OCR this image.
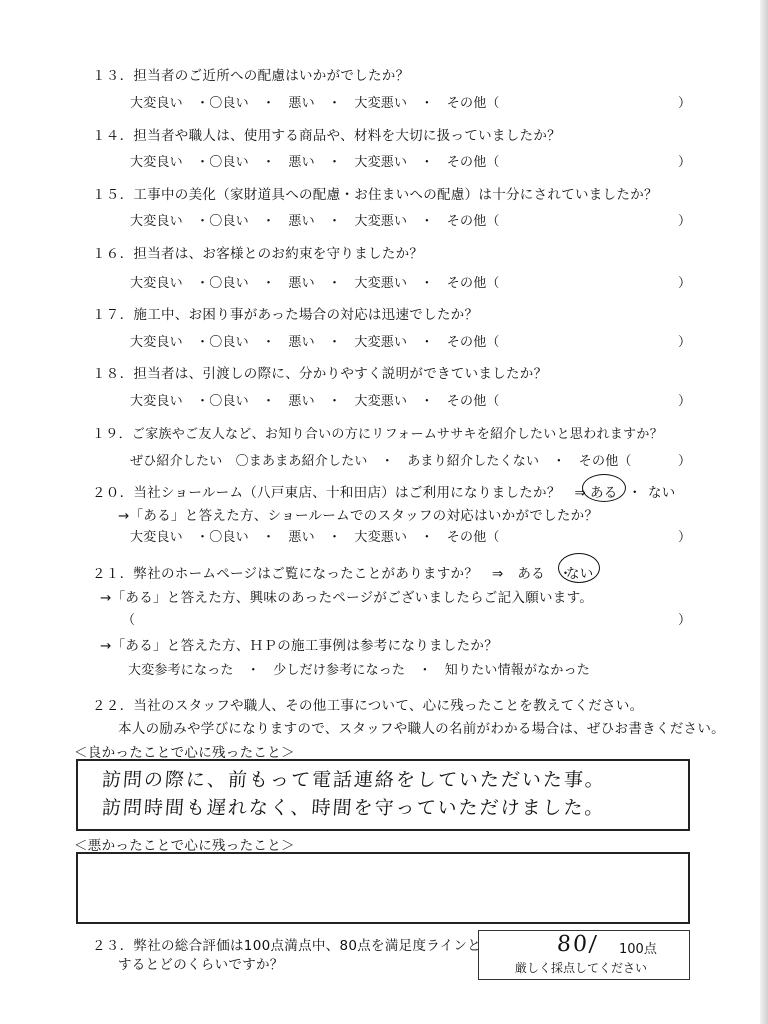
１３．担当者のご近所への配慮はいかがでしたか？
大変良い　・〇良い　・　悪い　・　大変悪い　・　その他（	）
１４．担当者や職人は、使用する商品や、材料を大切に扱っていましたか？
大変良い　・〇良い　・　悪い　・　大変悪い　・　その他（	）
１５．工事中の美化（家財道具への配慮・お住まいへの配慮）は十分にされていましたか？
大変良い　・〇良い　・　悪い　・　大変悪い　・　その他（	）
１６．担当者は、お客様とのお約束を守りましたか？
大変良い　・〇良い　・　悪い　・　大変悪い　・　その他（	）
１７．施工中、お困り事があった場合の対応は迅速でしたか？
大変良い　・〇良い　・　悪い　・　大変悪い　・　その他（	）
１８．担当者は、引渡しの際に、分かりやすく説明ができていましたか？
大変良い　・〇良い　・　悪い　・　大変悪い　・　その他（	）
１９．ご家族やご友人など、お知り合いの方にリフォームササキを紹介したいと思われますか？
ぜひ紹介したい　〇まあまあ紹介したい　・　あまり紹介したくない　・　その他（	）
２０．当社ショールーム（八戸東店、十和田店）はご利用になりましたか？　⇒ ある ・ ない
→「ある」と答えた方、ショールームでのスタッフの対応はいかがでしたか？
大変良い　・〇良い　・　悪い　・　大変悪い　・　その他（	）
２１．弊社のホームページはご覧になったことがありますか？　⇒　ある　・
ない
→「ある」と答えた方、興味のあったページがございましたらご記入願います。
（	）
→「ある」と答えた方、ＨＰの施工事例は参考になりましたか？
大変参考になった　・　少しだけ参考になった　・　知りたい情報がなかった
２２．当社のスタッフや職人、その他工事について、心に残ったことを教えてください。
本人の励みや学びになりますので、スタッフや職人の名前がわかる場合は、ぜひお書きください。
＜良かったことで心に残ったこと＞
訪問の際に、前もって電話連絡をしていただいた事。
訪問時間も遅れなく、時間を守っていただけました。
＜悪かったことで心に残ったこと＞
２３．弊社の総合評価は100点満点中、80点を満足度ラインと
するとどのくらいですか？
80/ 100点
厳しく採点してください
